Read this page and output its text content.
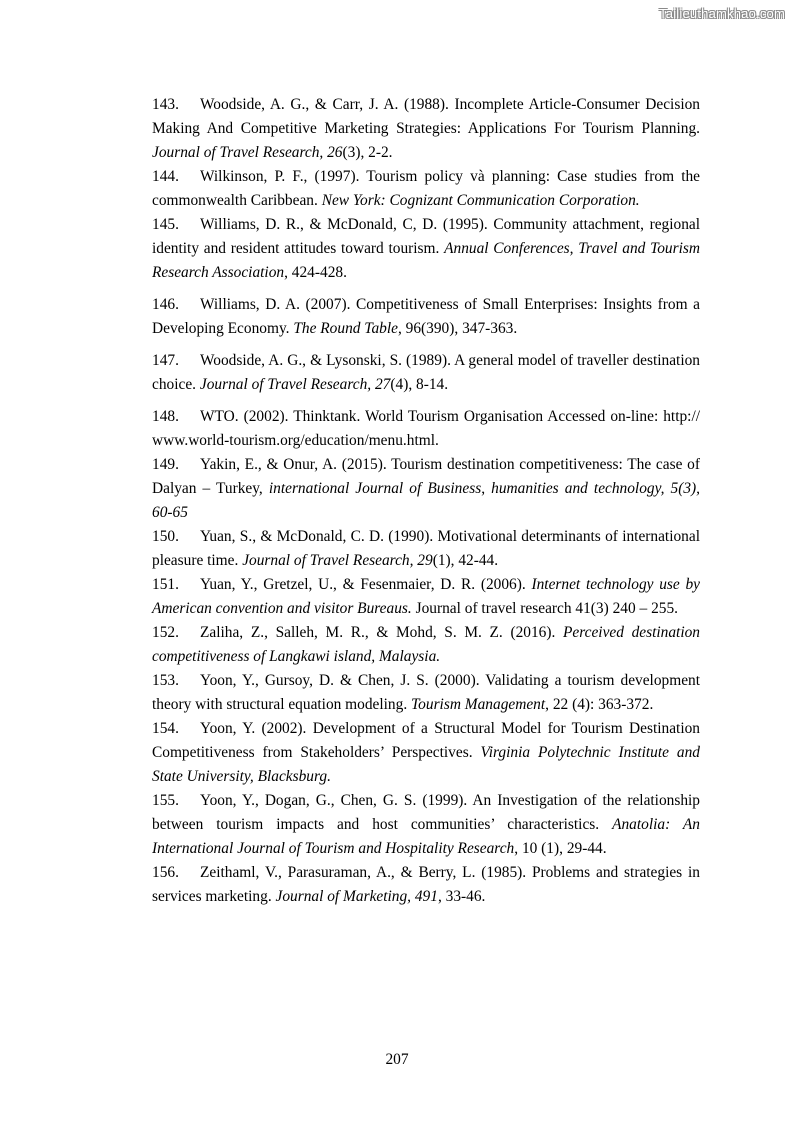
Tailieuthamkhao.com

143. Woodside, A. G., & Carr, J. A. (1988). Incomplete Article-Consumer Decision Making And Competitive Marketing Strategies: Applications For Tourism Planning. Journal of Travel Research, 26(3), 2-2.

144. Wilkinson, P. F., (1997). Tourism policy và planning: Case studies from the commonwealth Caribbean. New York: Cognizant Communication Corporation.

145. Williams, D. R., & McDonald, C, D. (1995). Community attachment, regional identity and resident attitudes toward tourism. Annual Conferences, Travel and Tourism Research Association, 424-428.

146. Williams, D. A. (2007). Competitiveness of Small Enterprises: Insights from a Developing Economy. The Round Table, 96(390), 347-363.

147. Woodside, A. G., & Lysonski, S. (1989). A general model of traveller destination choice. Journal of Travel Research, 27(4), 8-14.

148. WTO. (2002). Thinktank. World Tourism Organisation Accessed on-line: http:// www.world-tourism.org/education/menu.html.

149. Yakin, E., & Onur, A. (2015). Tourism destination competitiveness: The case of Dalyan – Turkey, international Journal of Business, humanities and technology, 5(3), 60-65

150. Yuan, S., & McDonald, C. D. (1990). Motivational determinants of international pleasure time. Journal of Travel Research, 29(1), 42-44.

151. Yuan, Y., Gretzel, U., & Fesenmaier, D. R. (2006). Internet technology use by American convention and visitor Bureaus. Journal of travel research 41(3) 240 – 255.

152. Zaliha, Z., Salleh, M. R., & Mohd, S. M. Z. (2016). Perceived destination competitiveness of Langkawi island, Malaysia.

153. Yoon, Y., Gursoy, D. & Chen, J. S. (2000). Validating a tourism development theory with structural equation modeling. Tourism Management, 22 (4): 363-372.

154. Yoon, Y. (2002). Development of a Structural Model for Tourism Destination Competitiveness from Stakeholders’ Perspectives. Virginia Polytechnic Institute and State University, Blacksburg.

155. Yoon, Y., Dogan, G., Chen, G. S. (1999). An Investigation of the relationship between tourism impacts and host communities’ characteristics. Anatolia: An International Journal of Tourism and Hospitality Research, 10 (1), 29-44.

156. Zeithaml, V., Parasuraman, A., & Berry, L. (1985). Problems and strategies in services marketing. Journal of Marketing, 491, 33-46.

207
